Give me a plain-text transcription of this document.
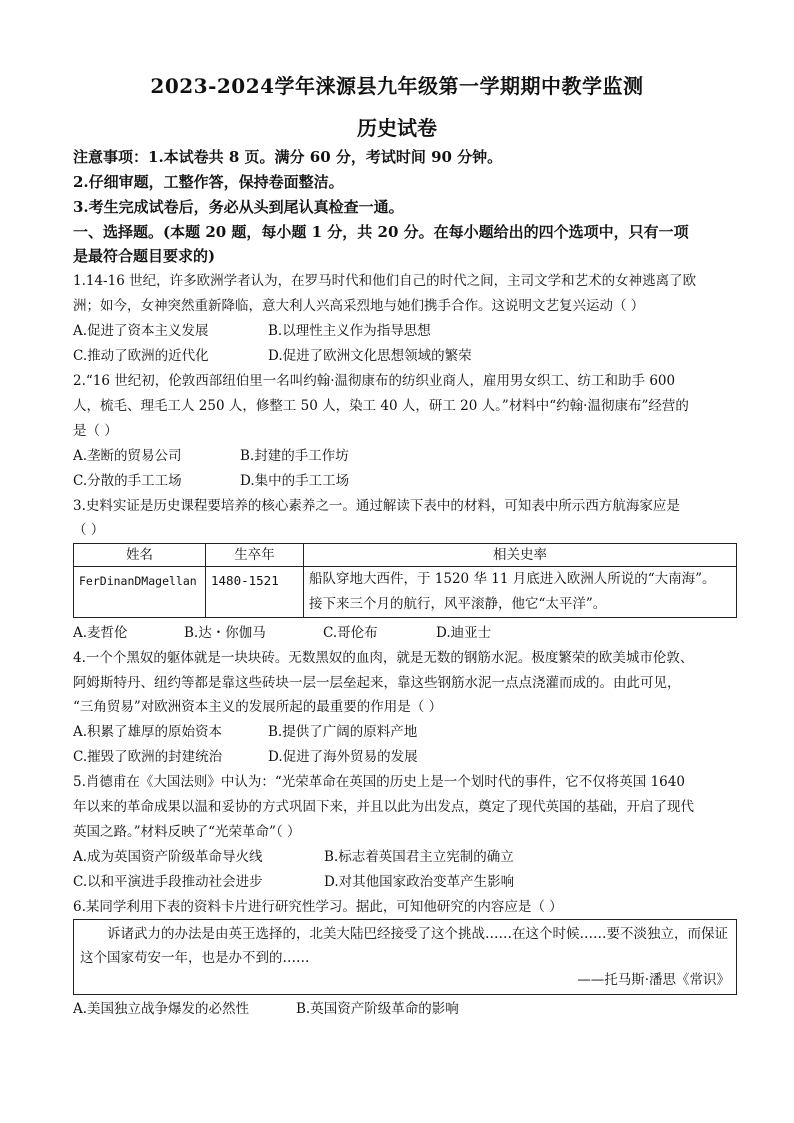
2023-2024学年涞源县九年级第一学期期中教学监测
历史试卷
注意事项：1.本试卷共 8 页。满分 60 分，考试时间 90 分钟。
2.仔细审题，工整作答，保持卷面整洁。
3.考生完成试卷后，务必从头到尾认真检查一通。
一、选择题。(本题 20 题，每小题 1 分，共 20 分。在每小题给出的四个选项中，只有一项
是最符合题目要求的)
1.14-16 世纪，许多欧洲学者认为，在罗马时代和他们自己的时代之间，主司文学和艺术的女神逃离了欧
洲；如今，女神突然重新降临，意大利人兴高采烈地与她们携手合作。这说明文艺复兴运动（ ）
A.促进了资本主义发展	B.以理性主义作为指导思想
C.推动了欧洲的近代化	D.促进了欧洲文化思想领域的繁荣
2.“16 世纪初，伦敦西部纽伯里一名叫约翰·温彻康布的纺织业商人，雇用男女织工、纺工和助手 600
人，梳毛、理毛工人 250 人，修整工 50 人，染工 40 人，研工 20 人。”材料中“约翰·温彻康布”经营的
是（ ）
A.垄断的贸易公司	B.封建的手工作坊
C.分散的手工工场	D.集中的手工工场
3.史料实证是历史课程要培养的核心素养之一。通过解读下表中的材料，可知表中所示西方航海家应是
（ ）
姓名	生卒年	相关史率
FerDinanDMagellan	1480-1521	船队穿地大西件，于 1520 华 11 月底进入欧洲人所说的“大南海”。
接下来三个月的航行，风平滚静，他它“太平洋”。
A.麦哲伦	B.达・你伽马	C.哥伦布	D.迪亚士
4.一个个黑奴的躯体就是一块块砖。无数黑奴的血肉，就是无数的钢筋水泥。极度繁荣的欧美城市伦敦、
阿姆斯特丹、纽约等都是靠这些砖块一层一层垒起来，靠这些钢筋水泥一点点浇灌而成的。由此可见，
“三角贸易”对欧洲资本主义的发展所起的最重要的作用是（ ）
A.积累了雄厚的原始资本	B.提供了广阔的原料产地
C.摧毁了欧洲的封建统治	D.促进了海外贸易的发展
5.肖德甫在《大国法则》中认为：“光荣革命在英国的历史上是一个划时代的事件，它不仅将英国 1640
年以来的革命成果以温和妥协的方式巩固下来，并且以此为出发点，奠定了现代英国的基础，开启了现代
英国之路。”材料反映了“光荣革命”（ ）
A.成为英国资产阶级革命导火线	B.标志着英国君主立宪制的确立
C.以和平演进手段推动社会进步	D.对其他国家政治变革产生影响
6.某同学利用下表的资料卡片进行研究性学习。据此，可知他研究的内容应是（ ）
　　诉诸武力的办法是由英王选择的，北美大陆巴经接受了这个挑战……在这个时候……要不淡独立，而保证这个国家苟安一年，也是办不到的……
——托马斯·潘思《常识》
A.美国独立战争爆发的必然性	B.英国资产阶级革命的影响
